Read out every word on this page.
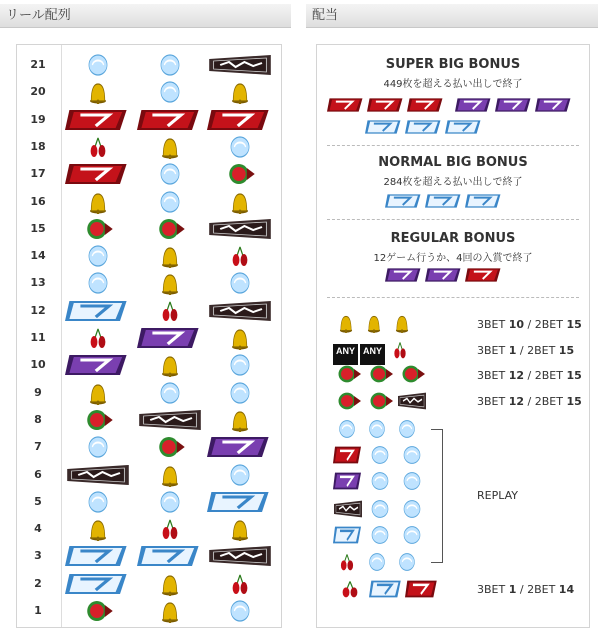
リール配列	配当
21
20
19
18
17
16
15
14
13
12
11
10
9
8
7
6
5
4
3
2
1
SUPER BIG BONUS
449枚を超える払い出しで終了
NORMAL BIG BONUS
284枚を超える払い出しで終了
REGULAR BONUS
12ゲーム行うか、4回の入賞で終了
3BET 10 / 2BET 15
ANY ANY	3BET 1 / 2BET 15
3BET 12 / 2BET 15
3BET 12 / 2BET 15
REPLAY
3BET 1 / 2BET 14
